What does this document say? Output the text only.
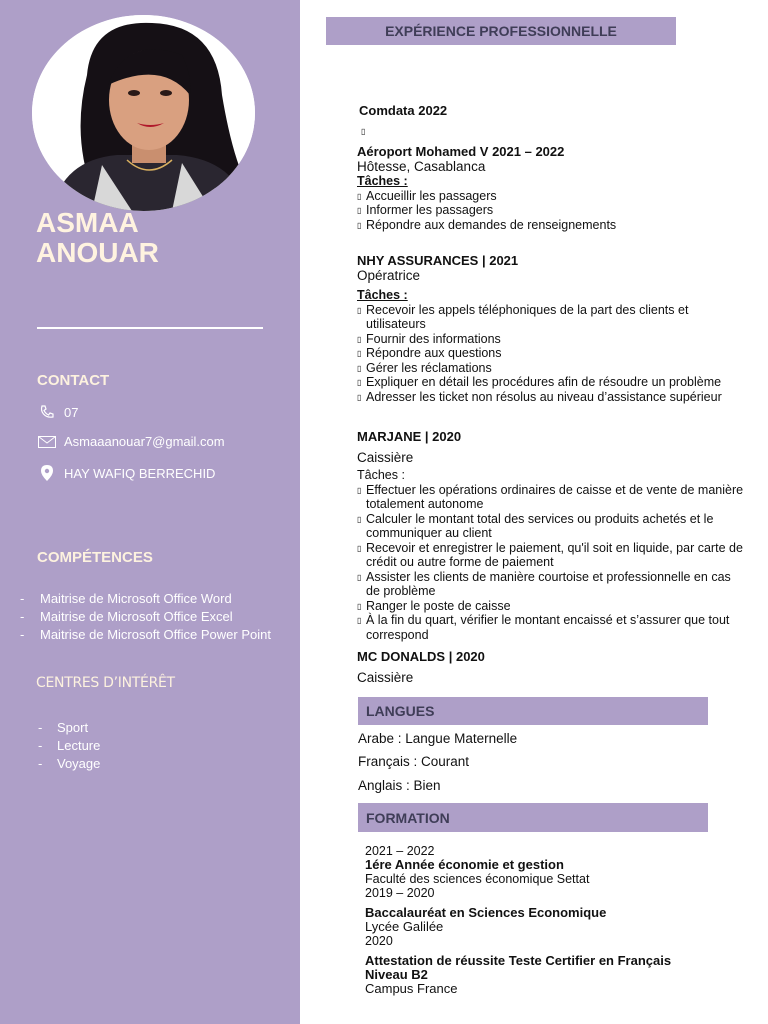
ASMAA
ANOUAR
CONTACT
07
Asmaaanouar7@gmail.com
HAY WAFIQ BERRECHID
COMPÉTENCES
- Maitrise de Microsoft Office Word
- Maitrise de Microsoft Office Excel
- Maitrise de Microsoft Office Power Point
CENTRES D’INTÉRÊT
- Sport
- Lecture
- Voyage
EXPÉRIENCE PROFESSIONNELLE
Comdata 2022
▯
Aéroport Mohamed V 2021 – 2022
Hôtesse, Casablanca
Tâches :
▯ Accueillir les passagers
▯ Informer les passagers
▯ Répondre aux demandes de renseignements
NHY ASSURANCES | 2021
Opératrice
Tâches :
▯ Recevoir les appels téléphoniques de la part des clients et utilisateurs
▯ Fournir des informations
▯ Répondre aux questions
▯ Gérer les réclamations
▯ Expliquer en détail les procédures afin de résoudre un problème
▯ Adresser les ticket non résolus au niveau d’assistance supérieur
MARJANE | 2020
Caissière
Tâches :
▯ Effectuer les opérations ordinaires de caisse et de vente de manière totalement autonome
▯ Calculer le montant total des services ou produits achetés et le communiquer au client
▯ Recevoir et enregistrer le paiement, qu'il soit en liquide, par carte de crédit ou autre forme de paiement
▯ Assister les clients de manière courtoise et professionnelle en cas de problème
▯ Ranger le poste de caisse
▯ À la fin du quart, vérifier le montant encaissé et s’assurer que tout correspond
MC DONALDS | 2020
Caissière
LANGUES
Arabe : Langue Maternelle
Français : Courant
Anglais : Bien
FORMATION
2021 – 2022
1ére Année économie et gestion
Faculté des sciences économique Settat
2019 – 2020
Baccalauréat en Sciences Economique
Lycée Galilée
2020
Attestation de réussite Teste Certifier en Français Niveau B2
Campus France
